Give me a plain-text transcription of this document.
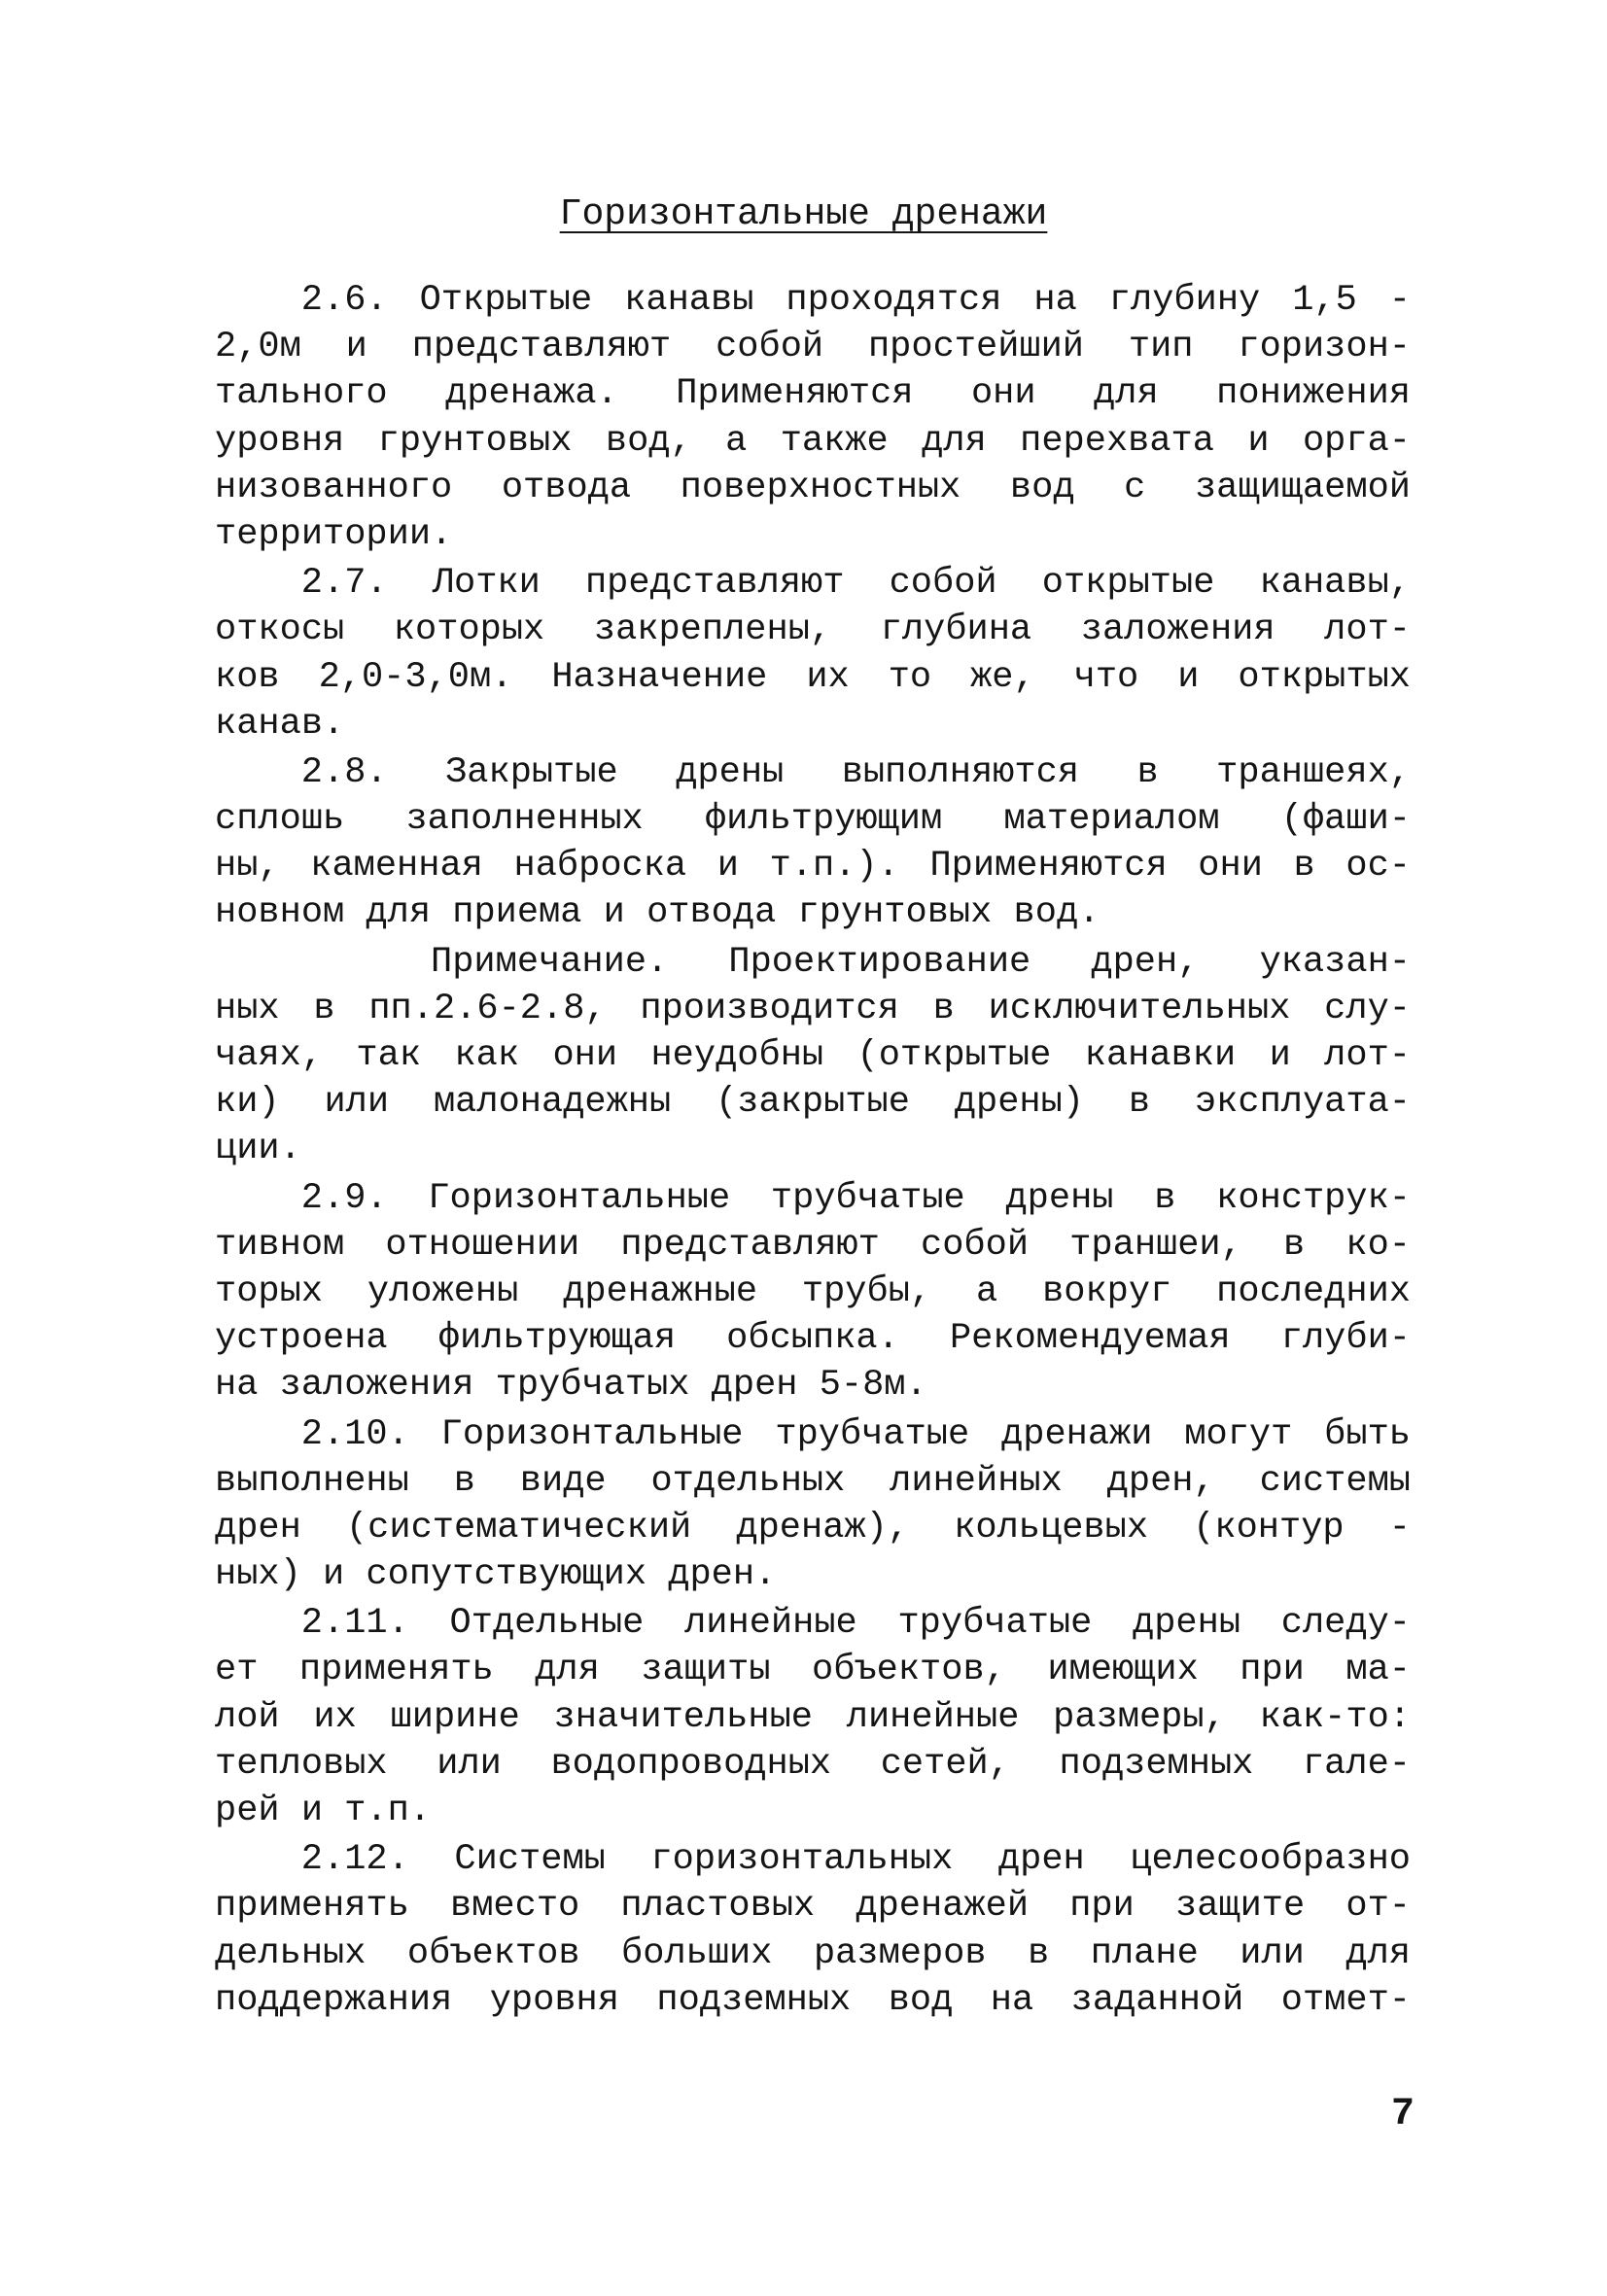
Горизонтальные дренажи
2.6. Открытые канавы проходятся на глубину 1,5 -
2,0м и представляют собой простейший тип горизон-
тального дренажа. Применяются они для понижения
уровня грунтовых вод, а также для перехвата и орга-
низованного отвода поверхностных вод с защищаемой
территории.
2.7. Лотки представляют собой открытые канавы,
откосы которых закреплены, глубина заложения лот-
ков 2,0-3,0м. Назначение их то же, что и открытых
канав.
2.8. Закрытые дрены выполняются в траншеях,
сплошь заполненных фильтрующим материалом (фаши-
ны, каменная наброска и т.п.). Применяются они в ос-
новном для приема и отвода грунтовых вод.
Примечание. Проектирование дрен, указан-
ных в пп.2.6-2.8, производится в исключительных слу-
чаях, так как они неудобны (открытые канавки и лот-
ки) или малонадежны (закрытые дрены) в эксплуата-
ции.
2.9. Горизонтальные трубчатые дрены в конструк-
тивном отношении представляют собой траншеи, в ко-
торых уложены дренажные трубы, а вокруг последних
устроена фильтрующая обсыпка. Рекомендуемая глуби-
на заложения трубчатых дрен 5-8м.
2.10. Горизонтальные трубчатые дренажи могут быть
выполнены в виде отдельных линейных дрен, системы
дрен (систематический дренаж), кольцевых (контур -
ных) и сопутствующих дрен.
2.11. Отдельные линейные трубчатые дрены следу-
ет применять для защиты объектов, имеющих при ма-
лой их ширине значительные линейные размеры, как-то:
тепловых или водопроводных сетей, подземных гале-
рей и т.п.
2.12. Системы горизонтальных дрен целесообразно
применять вместо пластовых дренажей при защите от-
дельных объектов больших размеров в плане или для
поддержания уровня подземных вод на заданной отмет-
7
